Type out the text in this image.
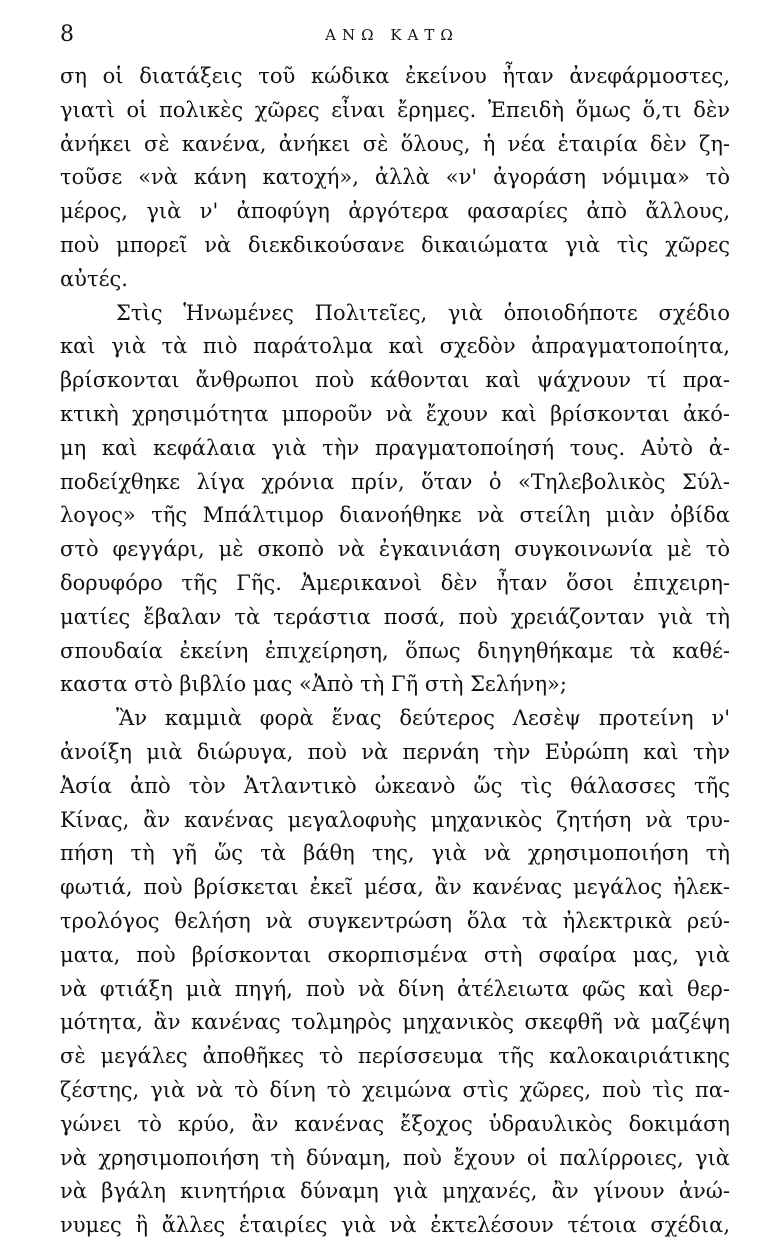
8	ΑΝΩ ΚΑΤΩ
ση οἱ διατάξεις τοῦ κώδικα ἐκείνου ἦταν ἀνεφάρμοστες,
γιατὶ οἱ πολικὲς χῶρες εἶναι ἔρημες. Ἐπειδὴ ὅμως ὅ,τι δὲν
ἀνήκει σὲ κανένα, ἀνήκει σὲ ὅλους, ἡ νέα ἑταιρία δὲν ζη-
τοῦσε «νὰ κάνη κατοχή», ἀλλὰ «ν' ἀγοράση νόμιμα» τὸ
μέρος, γιὰ ν' ἀποφύγη ἀργότερα φασαρίες ἀπὸ ἄλλους,
ποὺ μπορεῖ νὰ διεκδικούσανε δικαιώματα γιὰ τὶς χῶρες
αὐτές.
Στὶς Ἡνωμένες Πολιτεῖες, γιὰ ὁποιοδήποτε σχέδιο
καὶ γιὰ τὰ πιὸ παράτολμα καὶ σχεδὸν ἀπραγματοποίητα,
βρίσκονται ἄνθρωποι ποὺ κάθονται καὶ ψάχνουν τί πρα-
κτικὴ χρησιμότητα μποροῦν νὰ ἔχουν καὶ βρίσκονται ἀκό-
μη καὶ κεφάλαια γιὰ τὴν πραγματοποίησή τους. Αὐτὸ ἀ-
ποδείχθηκε λίγα χρόνια πρίν, ὅταν ὁ «Τηλεβολικὸς Σύλ-
λογος» τῆς Μπάλτιμορ διανοήθηκε νὰ στείλη μιὰν ὀβίδα
στὸ φεγγάρι, μὲ σκοπὸ νὰ ἐγκαινιάση συγκοινωνία μὲ τὸ
δορυφόρο τῆς Γῆς. Ἀμερικανοὶ δὲν ἦταν ὅσοι ἐπιχειρη-
ματίες ἔβαλαν τὰ τεράστια ποσά, ποὺ χρειάζονταν γιὰ τὴ
σπουδαία ἐκείνη ἐπιχείρηση, ὅπως διηγηθήκαμε τὰ καθέ-
καστα στὸ βιβλίο μας «Ἀπὸ τὴ Γῆ στὴ Σελήνη»;
Ἂν καμμιὰ φορὰ ἕνας δεύτερος Λεσὲψ προτείνη ν'
ἀνοίξη μιὰ διώρυγα, ποὺ νὰ περνάη τὴν Εὐρώπη καὶ τὴν
Ἀσία ἀπὸ τὸν Ἀτλαντικὸ ὠκεανὸ ὥς τὶς θάλασσες τῆς
Κίνας, ἂν κανένας μεγαλοφυὴς μηχανικὸς ζητήση νὰ τρυ-
πήση τὴ γῆ ὥς τὰ βάθη της, γιὰ νὰ χρησιμοποιήση τὴ
φωτιά, ποὺ βρίσκεται ἐκεῖ μέσα, ἂν κανένας μεγάλος ἠλεκ-
τρολόγος θελήση νὰ συγκεντρώση ὅλα τὰ ἠλεκτρικὰ ρεύ-
ματα, ποὺ βρίσκονται σκορπισμένα στὴ σφαίρα μας, γιὰ
νὰ φτιάξη μιὰ πηγή, ποὺ νὰ δίνη ἀτέλειωτα φῶς καὶ θερ-
μότητα, ἂν κανένας τολμηρὸς μηχανικὸς σκεφθῆ νὰ μαζέψη
σὲ μεγάλες ἀποθῆκες τὸ περίσσευμα τῆς καλοκαιριάτικης
ζέστης, γιὰ νὰ τὸ δίνη τὸ χειμώνα στὶς χῶρες, ποὺ τὶς πα-
γώνει τὸ κρύο, ἂν κανένας ἔξοχος ὑδραυλικὸς δοκιμάση
νὰ χρησιμοποιήση τὴ δύναμη, ποὺ ἔχουν οἱ παλίρροιες, γιὰ
νὰ βγάλη κινητήρια δύναμη γιὰ μηχανές, ἂν γίνουν ἀνώ-
νυμες ἢ ἄλλες ἑταιρίες γιὰ νὰ ἐκτελέσουν τέτοια σχέδια,
